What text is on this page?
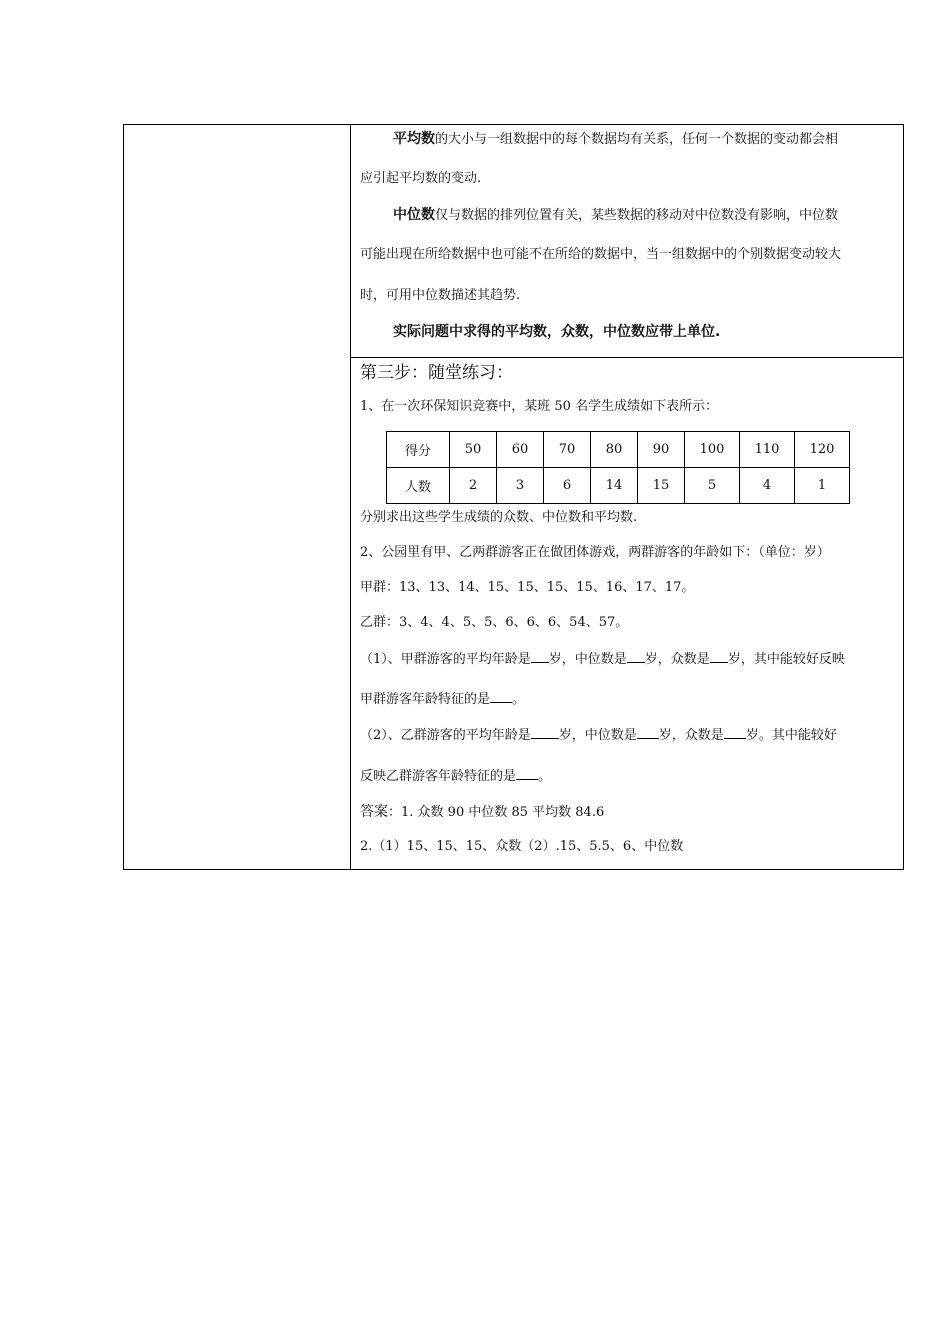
平均数的大小与一组数据中的每个数据均有关系，任何一个数据的变动都会相
应引起平均数的变动.
中位数仅与数据的排列位置有关，某些数据的移动对中位数没有影响，中位数
可能出现在所给数据中也可能不在所给的数据中，当一组数据中的个别数据变动较大
时，可用中位数描述其趋势.
实际问题中求得的平均数，众数，中位数应带上单位.
第三步：随堂练习：
1、在一次环保知识竞赛中，某班 50 名学生成绩如下表所示：
得分	50	60	70	80	90	100	110	120
人数	2	3	6	14	15	5	4	1
分别求出这些学生成绩的众数、中位数和平均数.
2、公园里有甲、乙两群游客正在做团体游戏，两群游客的年龄如下：（单位：岁）
甲群：13、13、14、15、15、15、15、16、17、17。
乙群：3、4、4、5、5、6、6、6、54、57。
（1）、甲群游客的平均年龄是 岁，中位数是 岁，众数是 岁，其中能较好反映
甲群游客年龄特征的是 。
（2）、乙群游客的平均年龄是 岁，中位数是 岁，众数是 岁。其中能较好
反映乙群游客年龄特征的是 。
答案：1. 众数 90 中位数 85 平均数 84.6
2.（1）15、15、15、众数（2）.15、5.5、6、中位数
